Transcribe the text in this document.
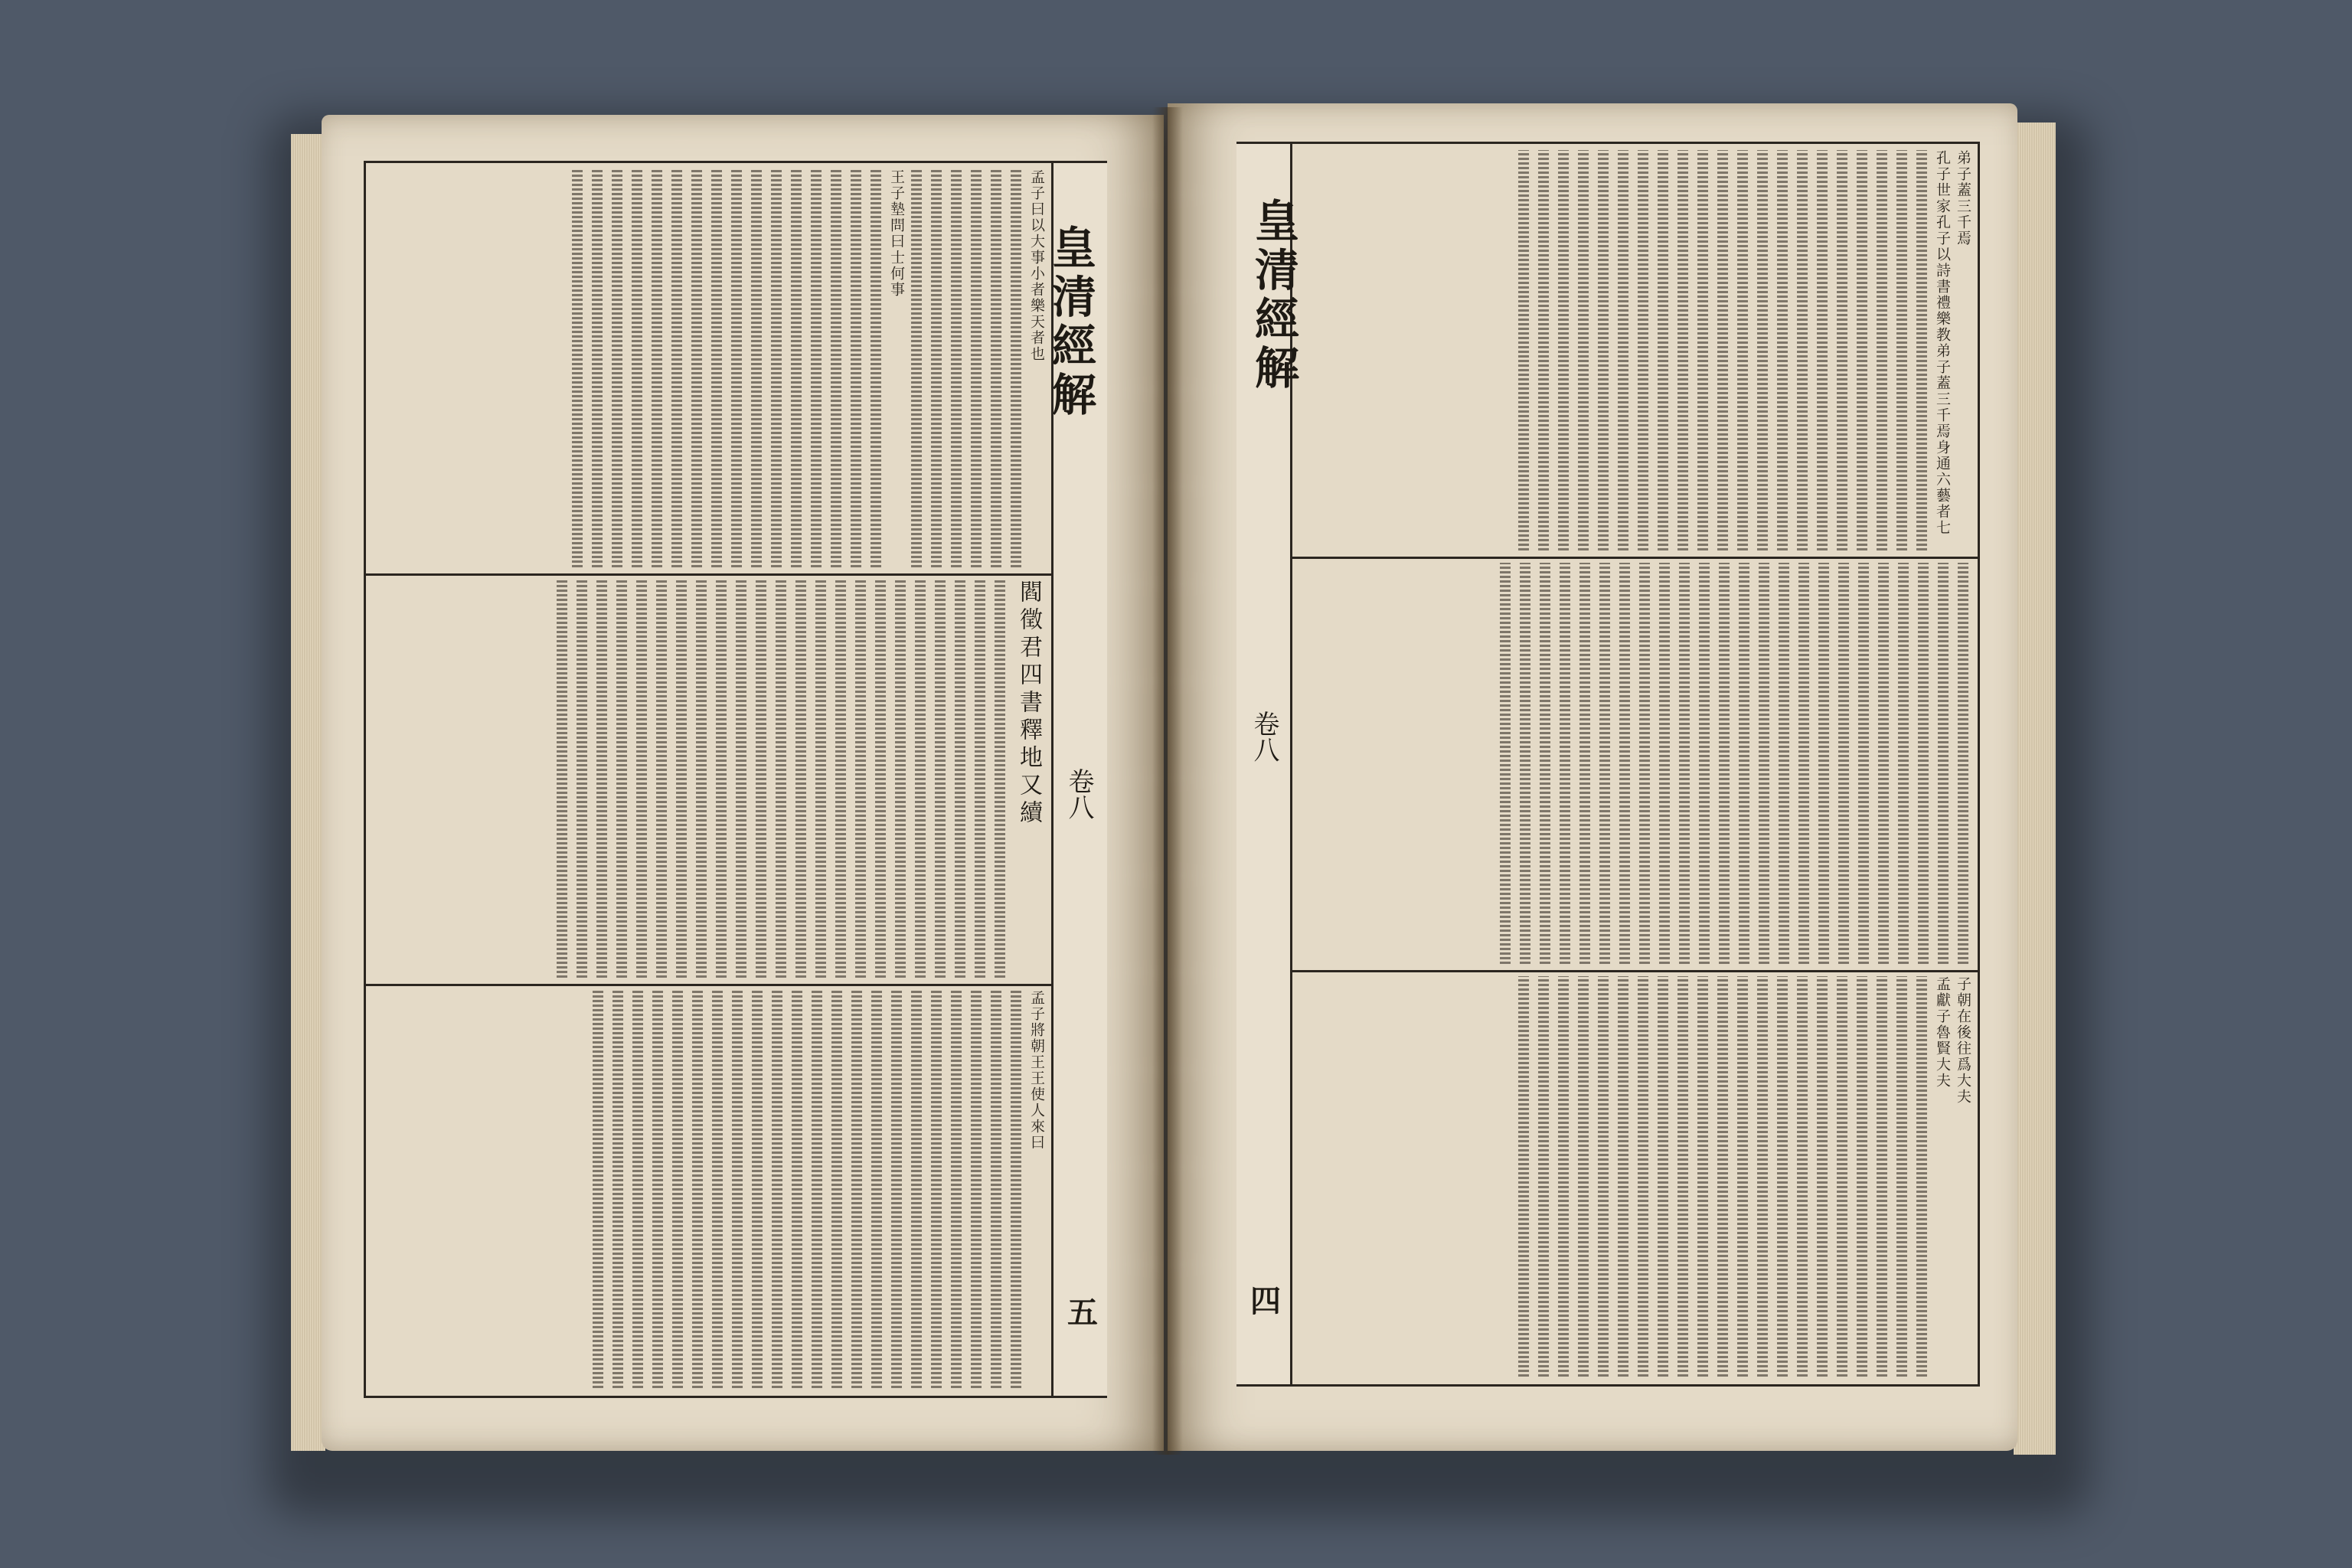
皇清經解
卷八
五
孟子曰以大事小者樂天者也
王子墊問曰士何事
閻徵君四書釋地又續
孟子將朝王王使人來曰
皇清經解
卷八
四
弟子蓋三千焉
孔子世家孔子以詩書禮樂教弟子蓋三千焉身通六藝者七
子朝在後往爲大夫
孟獻子魯賢大夫
